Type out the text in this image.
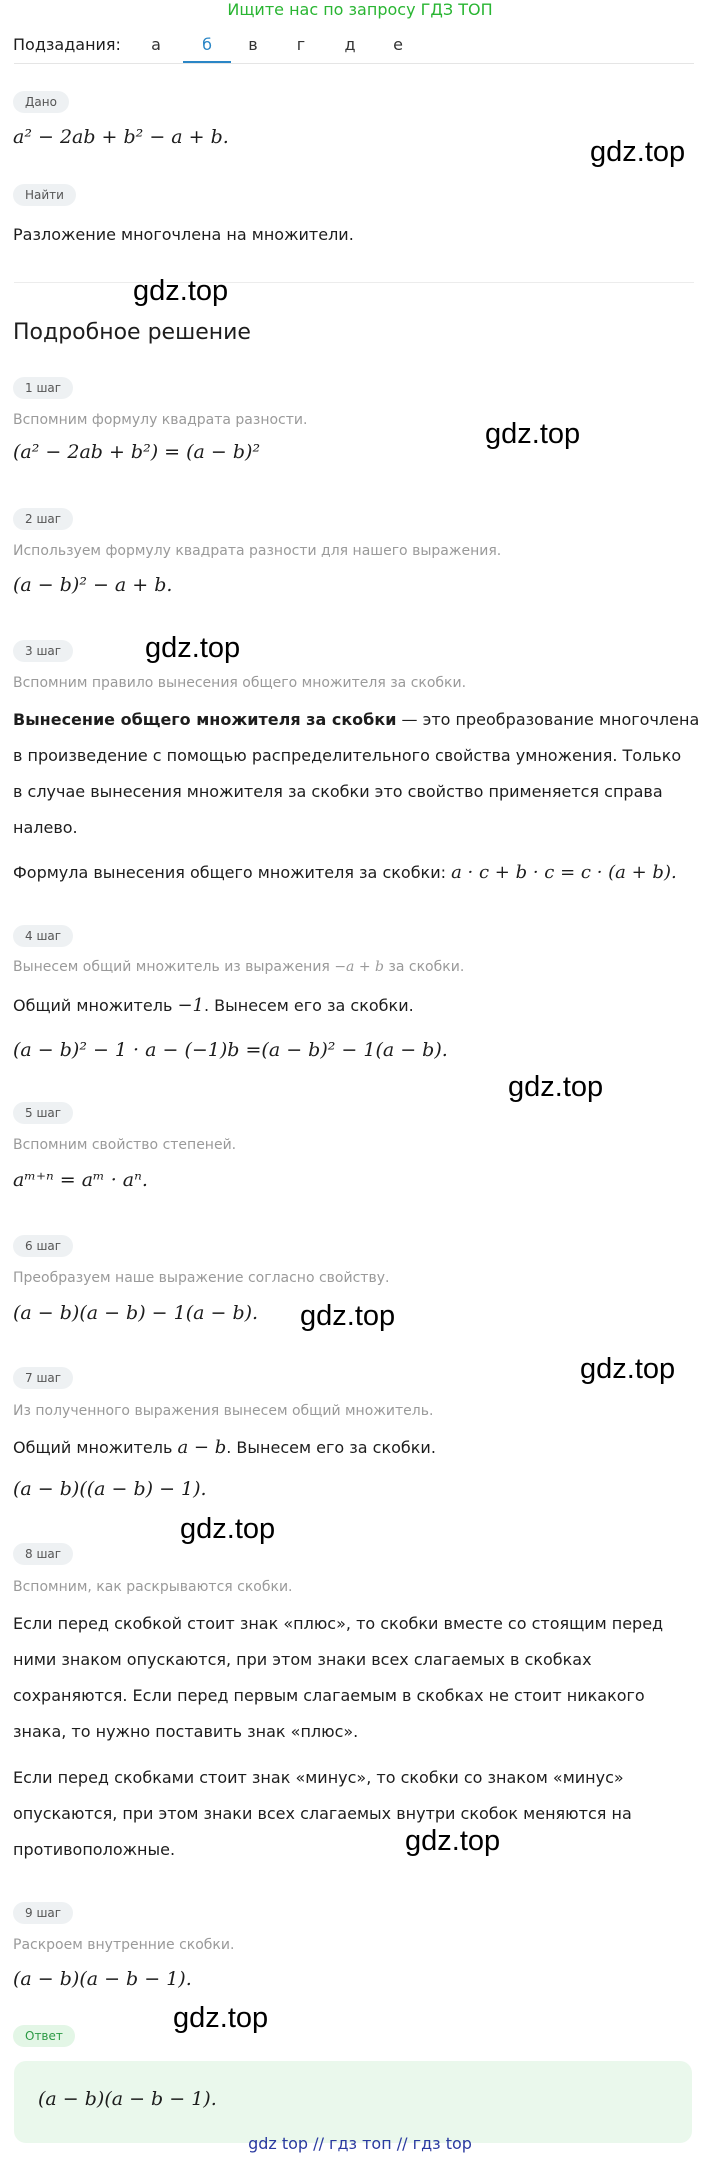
Ищите нас по запросу ГДЗ ТОП
Подзадания:	а	б	в	г	д	е
Дано
a² − 2ab + b² − a + b.	gdz.top
Найти
Разложение многочлена на множители.
gdz.top
Подробное решение
1 шаг
Вспомним формулу квадрата разности.	gdz.top
(a² − 2ab + b²) = (a − b)²
2 шаг
Используем формулу квадрата разности для нашего выражения.
(a − b)² − a + b.
3 шаг	gdz.top
Вспомним правило вынесения общего множителя за скобки.
Вынесение общего множителя за скобки — это преобразование многочлена
в произведение с помощью распределительного свойства умножения. Только
в случае вынесения множителя за скобки это свойство применяется справа
налево.
Формула вынесения общего множителя за скобки: a · c + b · c = c · (a + b).
4 шаг
Вынесем общий множитель из выражения −a + b за скобки.
Общий множитель −1. Вынесем его за скобки.
(a − b)² − 1 · a − (−1)b =(a − b)² − 1(a − b).
gdz.top
5 шаг
Вспомним свойство степеней.
aᵐ⁺ⁿ = aᵐ · aⁿ.
6 шаг
Преобразуем наше выражение согласно свойству.
(a − b)(a − b) − 1(a − b). gdz.top
gdz.top
7 шаг
Из полученного выражения вынесем общий множитель.
Общий множитель a − b. Вынесем его за скобки.
(a − b)((a − b) − 1).
gdz.top
8 шаг
Вспомним, как раскрываются скобки.
Если перед скобкой стоит знак «плюс», то скобки вместе со стоящим перед
ними знаком опускаются, при этом знаки всех слагаемых в скобках
сохраняются. Если перед первым слагаемым в скобках не стоит никакого
знака, то нужно поставить знак «плюс».
Если перед скобками стоит знак «минус», то скобки со знаком «минус»
опускаются, при этом знаки всех слагаемых внутри скобок меняются на
противоположные.	gdz.top
9 шаг
Раскроем внутренние скобки.
(a − b)(a − b − 1).
gdz.top
Ответ
(a − b)(a − b − 1).
gdz top // гдз топ // гдз top
